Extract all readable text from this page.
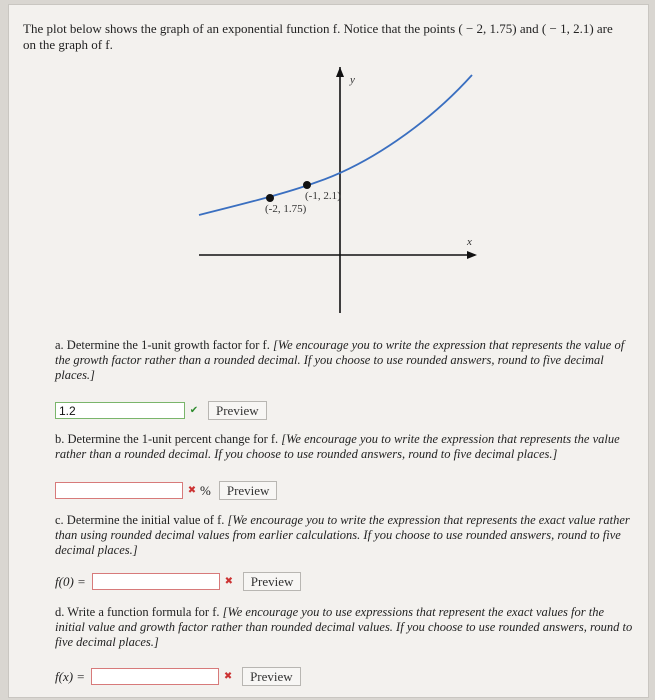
The plot below shows the graph of an exponential function f. Notice that the points ( − 2, 1.75) and ( − 1, 2.1) are
on the graph of f.
y
x
(-2, 1.75)
(-1, 2.1)
a. Determine the 1-unit growth factor for f. [We encourage you to write the expression that represents the value of the growth factor rather than a rounded decimal. If you choose to use rounded answers, round to five decimal places.]
1.2
✔	Preview
b. Determine the 1-unit percent change for f. [We encourage you to write the expression that represents the value rather than a rounded decimal. If you choose to use rounded answers, round to five decimal places.]
✖ %	Preview
c. Determine the initial value of f. [We encourage you to write the expression that represents the exact value rather than using rounded decimal values from earlier calculations. If you choose to use rounded answers, round to five decimal places.]
f(0) =	✖	Preview
d. Write a function formula for f. [We encourage you to use expressions that represent the exact values for the initial value and growth factor rather than rounded decimal values. If you choose to use rounded answers, round to five decimal places.]
f(x) =	✖	Preview
